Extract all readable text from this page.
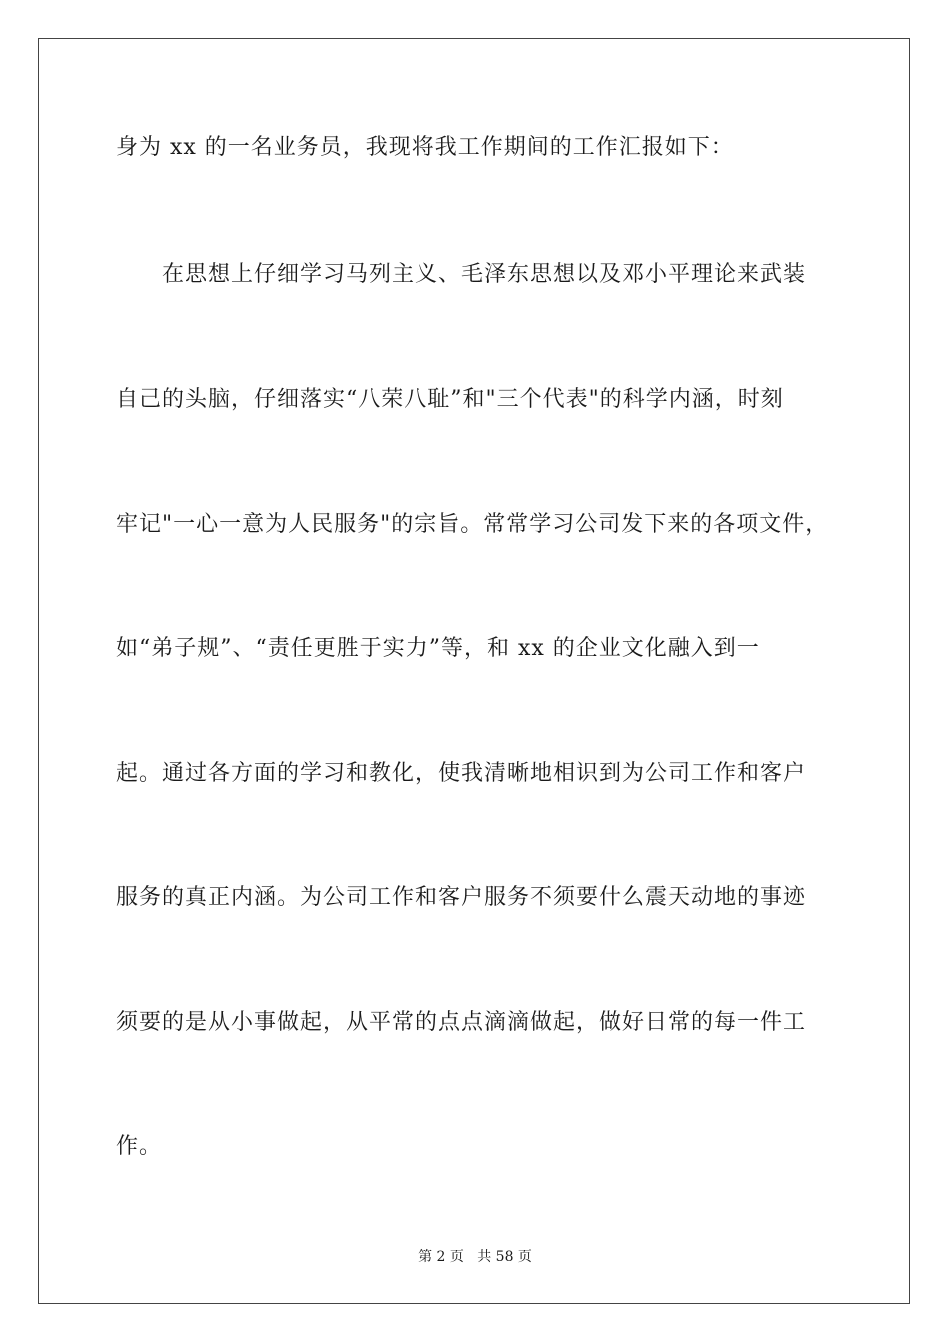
身为 xx 的一名业务员，我现将我工作期间的工作汇报如下：
在思想上仔细学习马列主义、毛泽东思想以及邓小平理论来武装
自己的头脑，仔细落实“八荣八耻”和"三个代表"的科学内涵，时刻
牢记"一心一意为人民服务"的宗旨。常常学习公司发下来的各项文件，
如“弟子规”、“责任更胜于实力”等，和 xx 的企业文化融入到一
起。通过各方面的学习和教化，使我清晰地相识到为公司工作和客户
服务的真正内涵。为公司工作和客户服务不须要什么震天动地的事迹
须要的是从小事做起，从平常的点点滴滴做起，做好日常的每一件工
作。
第 2 页   共 58 页
